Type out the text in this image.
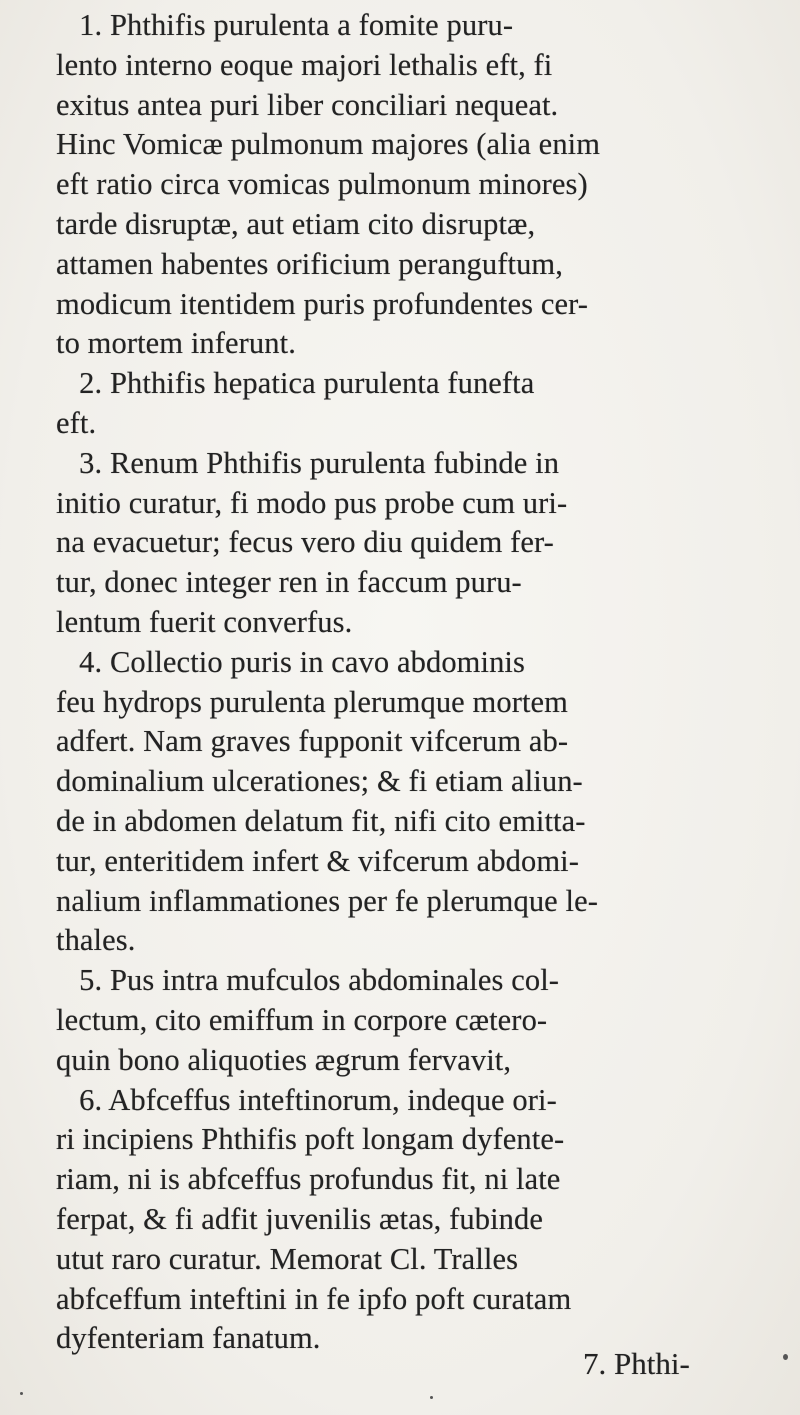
1. Phthifis purulenta a fomite puru-
lento interno eoque majori lethalis eft, fi
exitus antea puri liber conciliari nequeat.
Hinc Vomicæ pulmonum majores (alia enim
eft ratio circa vomicas pulmonum minores)
tarde disruptæ, aut etiam cito disruptæ,
attamen habentes orificium peranguftum,
modicum itentidem puris profundentes cer-
to mortem inferunt.
2. Phthifis hepatica purulenta funefta
eft.
3. Renum Phthifis purulenta fubinde in
initio curatur, fi modo pus probe cum uri-
na evacuetur; fecus vero diu quidem fer-
tur, donec integer ren in faccum puru-
lentum fuerit converfus.
4. Collectio puris in cavo abdominis
feu hydrops purulenta plerumque mortem
adfert. Nam graves fupponit vifcerum ab-
dominalium ulcerationes; & fi etiam aliun-
de in abdomen delatum fit, nifi cito emitta-
tur, enteritidem infert & vifcerum abdomi-
nalium inflammationes per fe plerumque le-
thales.
5. Pus intra mufculos abdominales col-
lectum, cito emiffum in corpore cætero-
quin bono aliquoties ægrum fervavit,
6. Abfceffus inteftinorum, indeque ori-
ri incipiens Phthifis poft longam dyfente-
riam, ni is abfceffus profundus fit, ni late
ferpat, & fi adfit juvenilis ætas, fubinde
utut raro curatur. Memorat Cl. Tralles
abfceffum inteftini in fe ipfo poft curatam
dyfenteriam fanatum.
7. Phthi-
